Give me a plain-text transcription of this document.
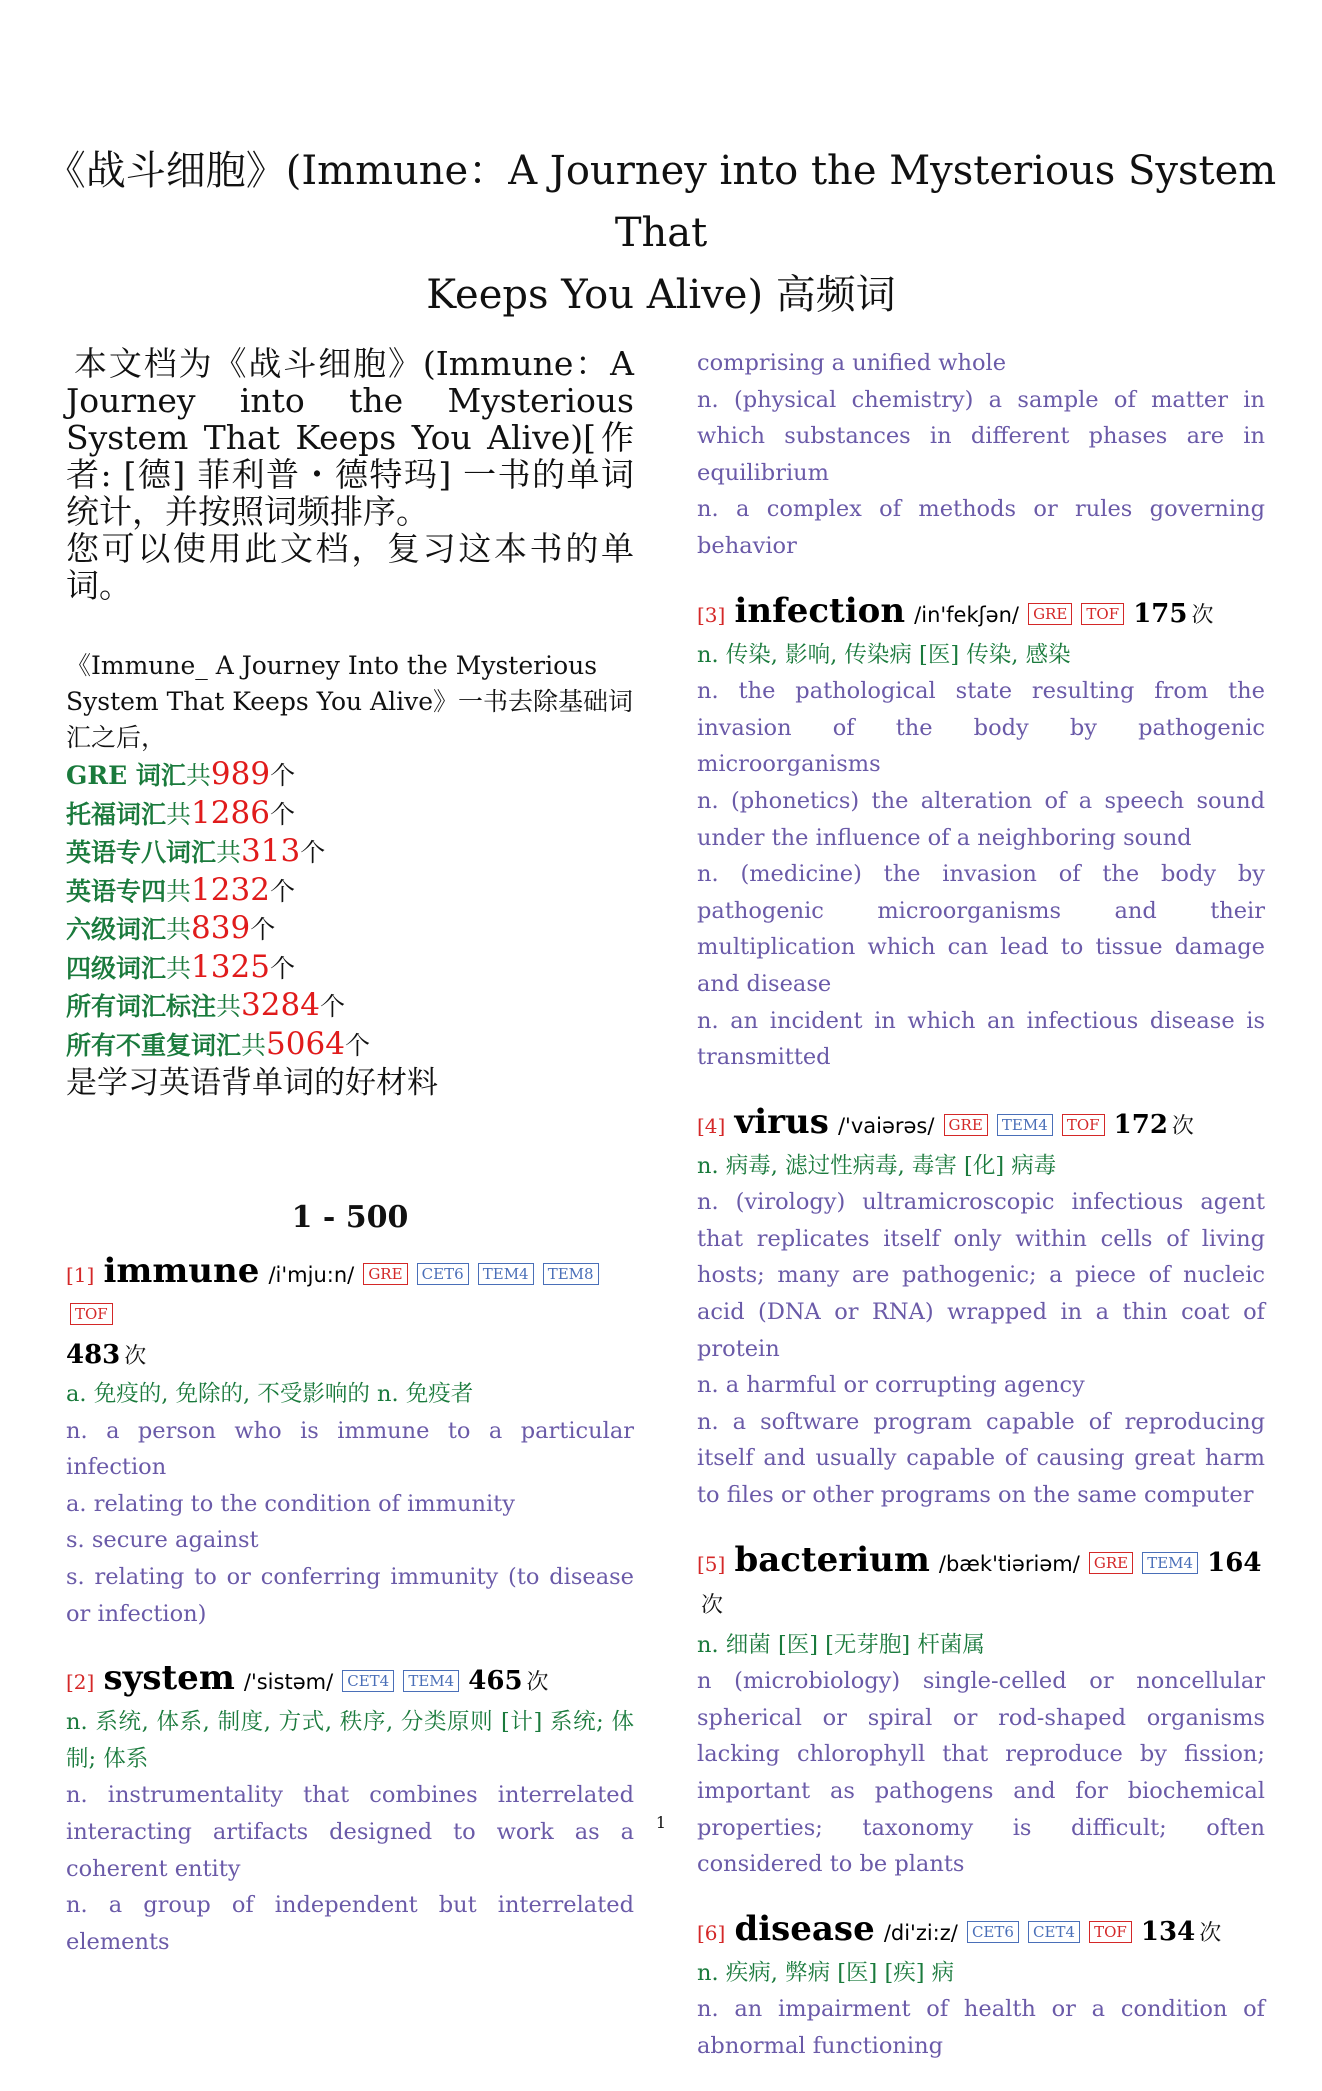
《战斗细胞》(Immune：A Journey into the Mysterious System That
Keeps You Alive) 高频词
本文档为《战斗细胞》(Immune：A Journey into the Mysterious System That Keeps You Alive)[作者: [德] 菲利普・德特玛] 一书的单词统计，并按照词频排序。
您可以使用此文档，复习这本书的单词。
《Immune_ A Journey Into the Mysterious System That Keeps You Alive》一书去除基础词汇之后，
GRE 词汇共989个
托福词汇共1286个
英语专八词汇共313个
英语专四共1232个
六级词汇共839个
四级词汇共1325个
所有词汇标注共3284个
所有不重复词汇共5064个
是学习英语背单词的好材料
1 - 500
[1] immune /i'mju:n/ GRE CET6 TEM4 TEM8 TOF
483 次
a. 免疫的, 免除的, 不受影响的 n. 免疫者
n. a person who is immune to a particular infection
a. relating to the condition of immunity
s. secure against
s. relating to or conferring immunity (to disease or infection)
[2] system /'sistəm/ CET4 TEM4 465 次
n. 系统, 体系, 制度, 方式, 秩序, 分类原则 [计] 系统; 体制; 体系
n. instrumentality that combines interrelated interacting artifacts designed to work as a coherent entity
n. a group of independent but interrelated elements
comprising a unified whole
n. (physical chemistry) a sample of matter in which substances in different phases are in equilibrium
n. a complex of methods or rules governing behavior
[3] infection /in'fekʃən/ GRE TOF 175 次
n. 传染, 影响, 传染病 [医] 传染, 感染
n. the pathological state resulting from the invasion of the body by pathogenic microorganisms
n. (phonetics) the alteration of a speech sound under the influence of a neighboring sound
n. (medicine) the invasion of the body by pathogenic microorganisms and their multiplication which can lead to tissue damage and disease
n. an incident in which an infectious disease is transmitted
[4] virus /'vaiərəs/ GRE TEM4 TOF 172 次
n. 病毒, 滤过性病毒, 毒害 [化] 病毒
n. (virology) ultramicroscopic infectious agent that replicates itself only within cells of living hosts; many are pathogenic; a piece of nucleic acid (DNA or RNA) wrapped in a thin coat of protein
n. a harmful or corrupting agency
n. a software program capable of reproducing itself and usually capable of causing great harm to files or other programs on the same computer
[5] bacterium /bæk'tiəriəm/ GRE TEM4 164次
n. 细菌 [医] [无芽胞] 杆菌属
n (microbiology) single-celled or noncellular spherical or spiral or rod-shaped organisms lacking chlorophyll that reproduce by fission; important as pathogens and for biochemical properties; taxonomy is difficult; often considered to be plants
[6] disease /di'zi:z/ CET6 CET4 TOF 134 次
n. 疾病, 弊病 [医] [疾] 病
n. an impairment of health or a condition of abnormal functioning
1
